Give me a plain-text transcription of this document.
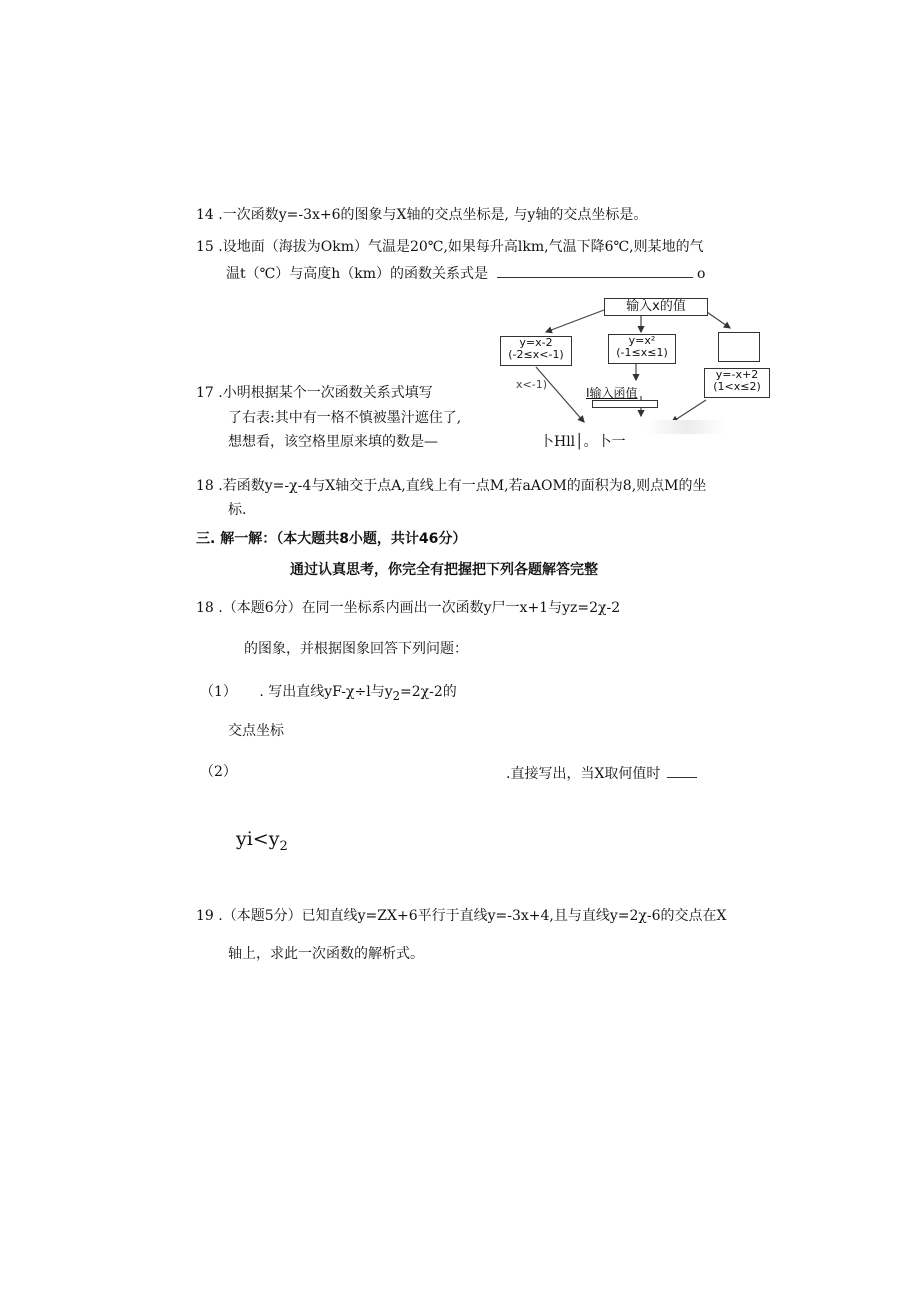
14 .一次函数y=-3x+6的图象与X轴的交点坐标是, 与y轴的交点坐标是。
15 .设地面（海拔为Okm）气温是20℃,如果每升高lkm,气温下降6℃,则某地的气
温t（℃）与高度h（km）的函数关系式是	o
输入x的值
y=x-2
(-2≤x<-1)
y=x²
(-1≤x≤1)
y=-x+2
(1<x≤2)
x<-1)
I输入函值
17 .小明根据某个一次函数关系式填写
了右表:其中有一格不慎被墨汁遮住了,
想想看，该空格里原来填的数是—	卜Hll│。卜一
18 .若函数y=-χ-4与X轴交于点A,直线上有一点M,若aAOM的面积为8,则点M的坐
标.
三. 解一解：（本大题共8小题，共计46分）
通过认真思考，你完全有把握把下列各题解答完整
18 .（本题6分）在同一坐标系内画出一次函数y尸一x+1与yz=2χ-2
的图象，并根据图象回答下列问题：
（1） . 写出直线yF-χ÷l与$y_2=2\chi-2$的
交点坐标
（2）	.直接写出，当X取何值时
$yi<y_2$
19 .（本题5分）已知直线y=ZX+6平行于直线y=-3x+4,且与直线y=2χ-6的交点在X
轴上，求此一次函数的解析式。
